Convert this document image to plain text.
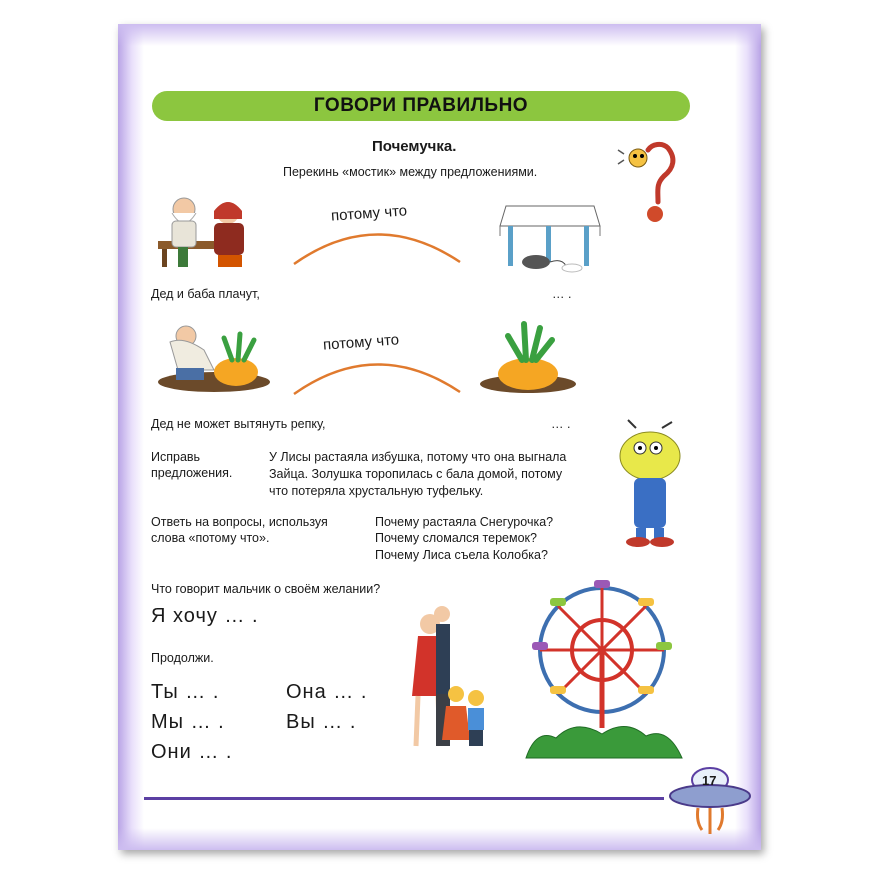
ГОВОРИ ПРАВИЛЬНО
Почемучка.
Перекинь «мостик» между предложениями.
потому что
Дед и баба плачут,	… .
потому что
Дед не может вытянуть репку,	… .
Исправь
предложения.
У Лисы растаяла избушка, потому что она выгнала
Зайца. Золушка торопилась с бала домой, потому
что потеряла хрустальную туфельку.
Ответь на вопросы, используя
слова «потому что».
Почему растаяла Снегурочка?
Почему сломался теремок?
Почему Лиса съела Колобка?
Что говорит мальчик о своём желании?
Я хочу … .
Продолжи.
Ты … .	Она … .
Мы … .	Вы … .
Они … .
17
